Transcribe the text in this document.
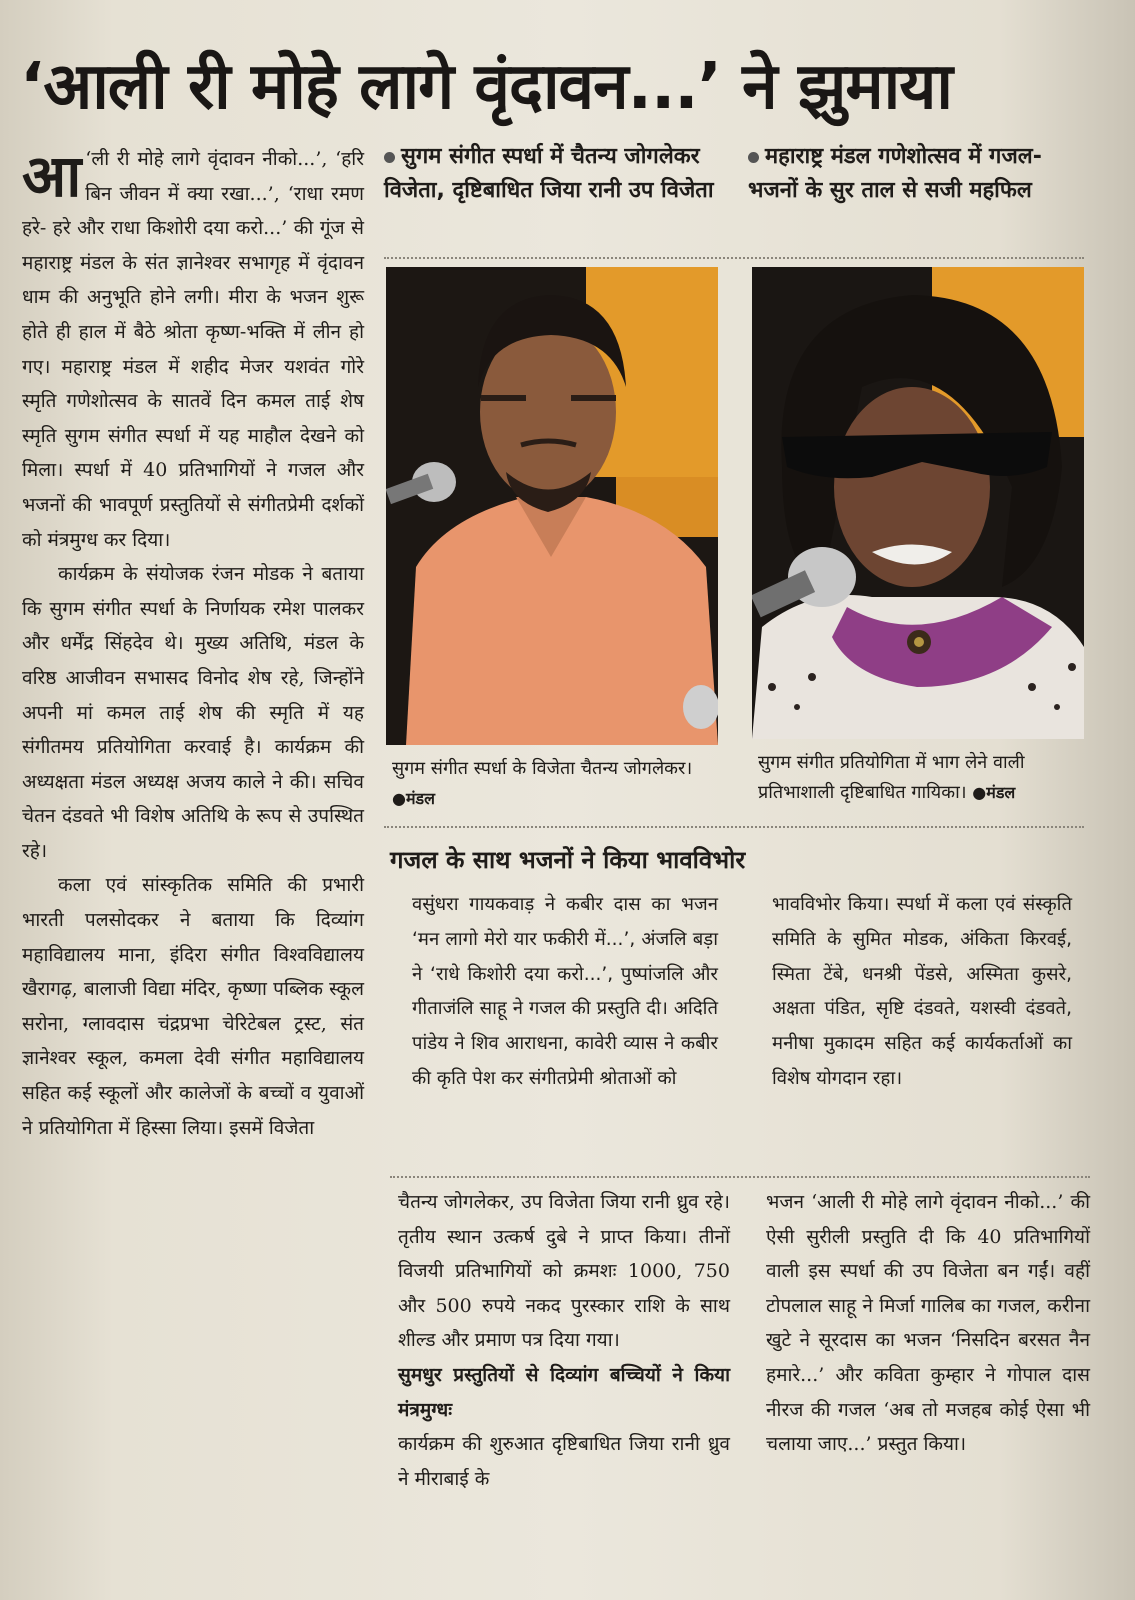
‘आली री मोहे लागे वृंदावन...’ ने झुमाया

आ ‘ली री मोहे लागे वृंदावन नीको...’, ‘हरि बिन जीवन में क्या रखा...’, ‘राधा रमण हरे- हरे और राधा किशोरी दया करो...’ की गूंज से महाराष्ट्र मंडल के संत ज्ञानेश्वर सभागृह में वृंदावन धाम की अनुभूति होने लगी। मीरा के भजन शुरू होते ही हाल में बैठे श्रोता कृष्ण-भक्ति में लीन हो गए। महाराष्ट्र मंडल में शहीद मेजर यशवंत गोरे स्मृति गणेशोत्सव के सातवें दिन कमल ताई शेष स्मृति सुगम संगीत स्पर्धा में यह माहौल देखने को मिला। स्पर्धा में 40 प्रतिभागियों ने गजल और भजनों की भावपूर्ण प्रस्तुतियों से संगीतप्रेमी दर्शकों को मंत्रमुग्ध कर दिया।

कार्यक्रम के संयोजक रंजन मोडक ने बताया कि सुगम संगीत स्पर्धा के निर्णायक रमेश पालकर और धर्मेंद्र सिंहदेव थे। मुख्य अतिथि, मंडल के वरिष्ठ आजीवन सभासद विनोद शेष रहे, जिन्होंने अपनी मां कमल ताई शेष की स्मृति में यह संगीतमय प्रतियोगिता करवाई है। कार्यक्रम की अध्यक्षता मंडल अध्यक्ष अजय काले ने की। सचिव चेतन दंडवते भी विशेष अतिथि के रूप से उपस्थित रहे।

कला एवं सांस्कृतिक समिति की प्रभारी भारती पलसोदकर ने बताया कि दिव्यांग महाविद्यालय माना, इंदिरा संगीत विश्वविद्यालय खैरागढ़, बालाजी विद्या मंदिर, कृष्णा पब्लिक स्कूल सरोना, ग्लावदास चंद्रप्रभा चेरिटेबल ट्रस्ट, संत ज्ञानेश्वर स्कूल, कमला देवी संगीत महाविद्यालय सहित कई स्कूलों और कालेजों के बच्चों व युवाओं ने प्रतियोगिता में हिस्सा लिया। इसमें विजेता

सुगम संगीत स्पर्धा में चैतन्य जोगलेकर विजेता, दृष्टिबाधित जिया रानी उप विजेता
महाराष्ट्र मंडल गणेशोत्सव में गजल- भजनों के सुर ताल से सजी महफिल
सुगम संगीत स्पर्धा के विजेता चैतन्य जोगलेकर। ●मंडल
सुगम संगीत प्रतियोगिता में भाग लेने वाली प्रतिभाशाली दृष्टिबाधित गायिका। ●मंडल
गजल के साथ भजनों ने किया भावविभोर
वसुंधरा गायकवाड़ ने कबीर दास का भजन ‘मन लागो मेरो यार फकीरी में...’, अंजलि बड़ा ने ‘राधे किशोरी दया करो...’, पुष्पांजलि और गीताजंलि साहू ने गजल की प्रस्तुति दी। अदिति पांडेय ने शिव आराधना, कावेरी व्यास ने कबीर की कृति पेश कर संगीतप्रेमी श्रोताओं को
भावविभोर किया। स्पर्धा में कला एवं संस्कृति समिति के सुमित मोडक, अंकिता किरवई, स्मिता टेंबे, धनश्री पेंडसे, अस्मिता कुसरे, अक्षता पंडित, सृष्टि दंडवते, यशस्वी दंडवते, मनीषा मुकादम सहित कई कार्यकर्ताओं का विशेष योगदान रहा।

चैतन्य जोगलेकर, उप विजेता जिया रानी ध्रुव रहे। तृतीय स्थान उत्कर्ष दुबे ने प्राप्त किया। तीनों विजयी प्रतिभागियों को क्रमशः 1000, 750 और 500 रुपये नकद पुरस्कार राशि के साथ शील्ड और प्रमाण पत्र दिया गया।

सुमधुर प्रस्तुतियों से दिव्यांग बच्चियों ने किया मंत्रमुग्धः

कार्यक्रम की शुरुआत दृष्टिबाधित जिया रानी ध्रुव ने मीराबाई के

भजन ‘आली री मोहे लागे वृंदावन नीको...’ की ऐसी सुरीली प्रस्तुति दी कि 40 प्रतिभागियों वाली इस स्पर्धा की उप विजेता बन गईं। वहीं टोपलाल साहू ने मिर्जा गालिब का गजल, करीना खुटे ने सूरदास का भजन ‘निसदिन बरसत नैन हमारे...’ और कविता कुम्हार ने गोपाल दास नीरज की गजल ‘अब तो मजहब कोई ऐसा भी चलाया जाए...’ प्रस्तुत किया।
